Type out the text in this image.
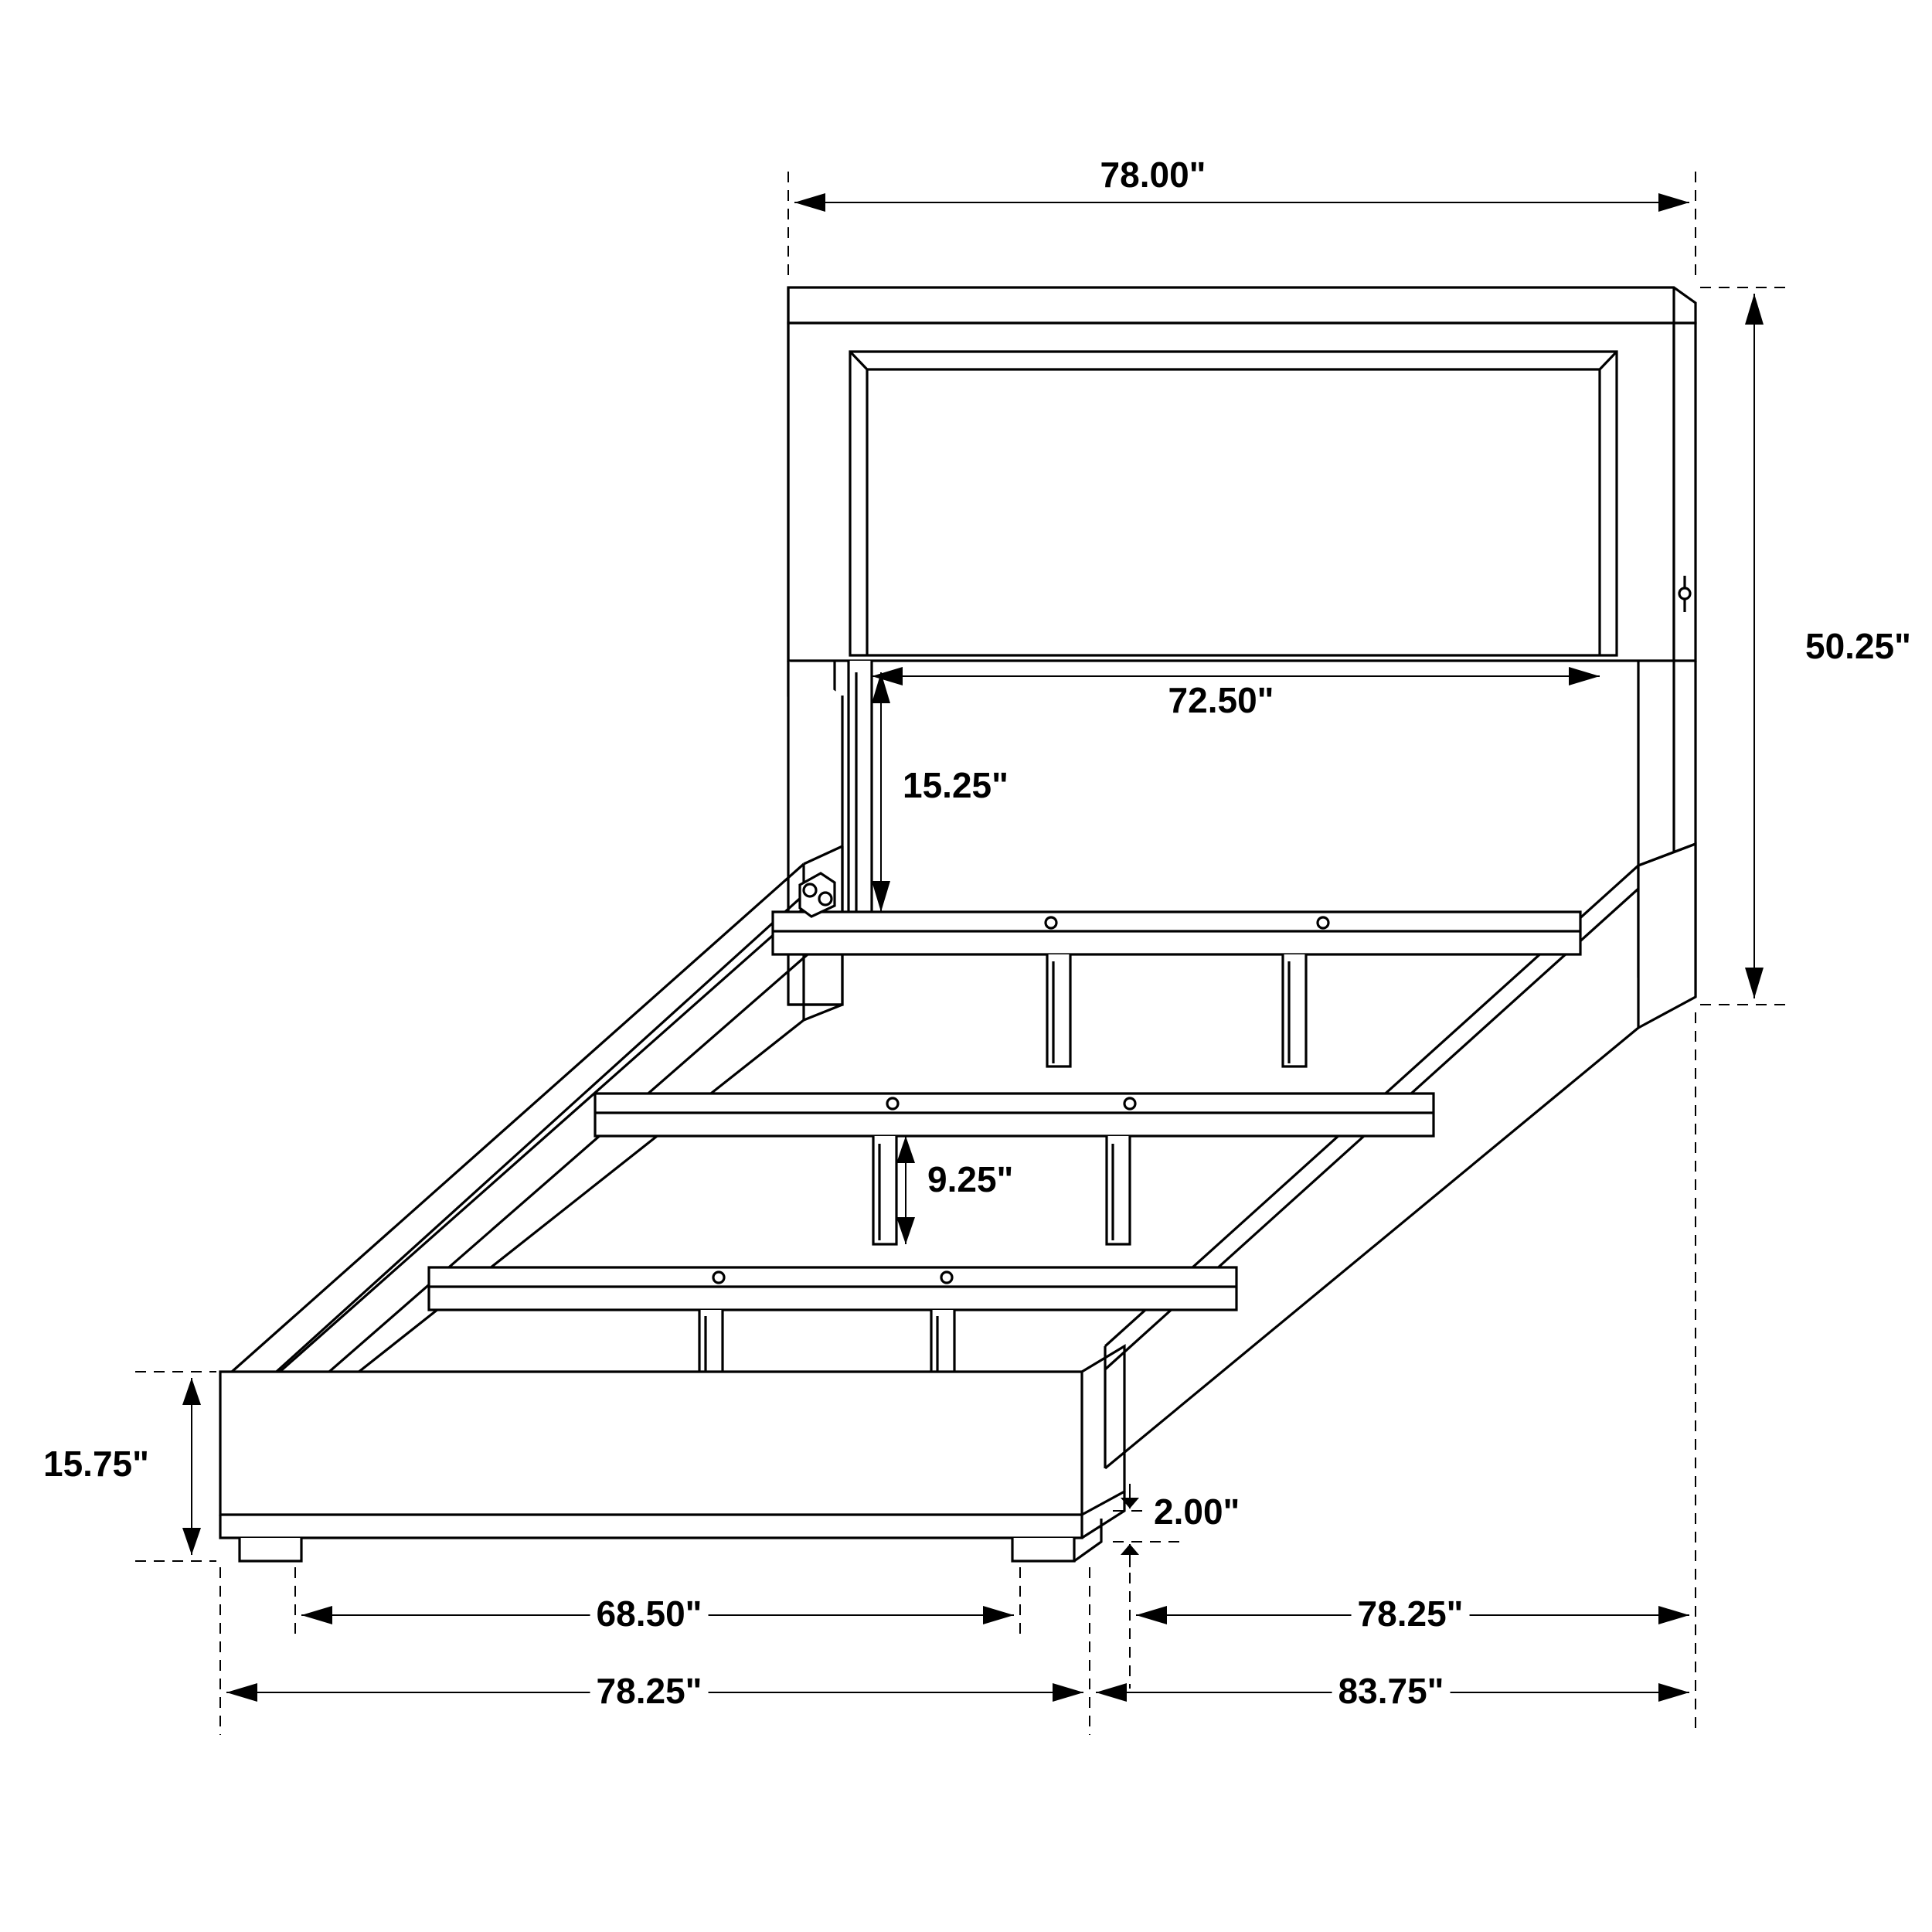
78.00"
50.25"
72.50"
15.25"
9.25"
15.75"
2.00"
68.50"	78.25"
78.25"	83.75"
